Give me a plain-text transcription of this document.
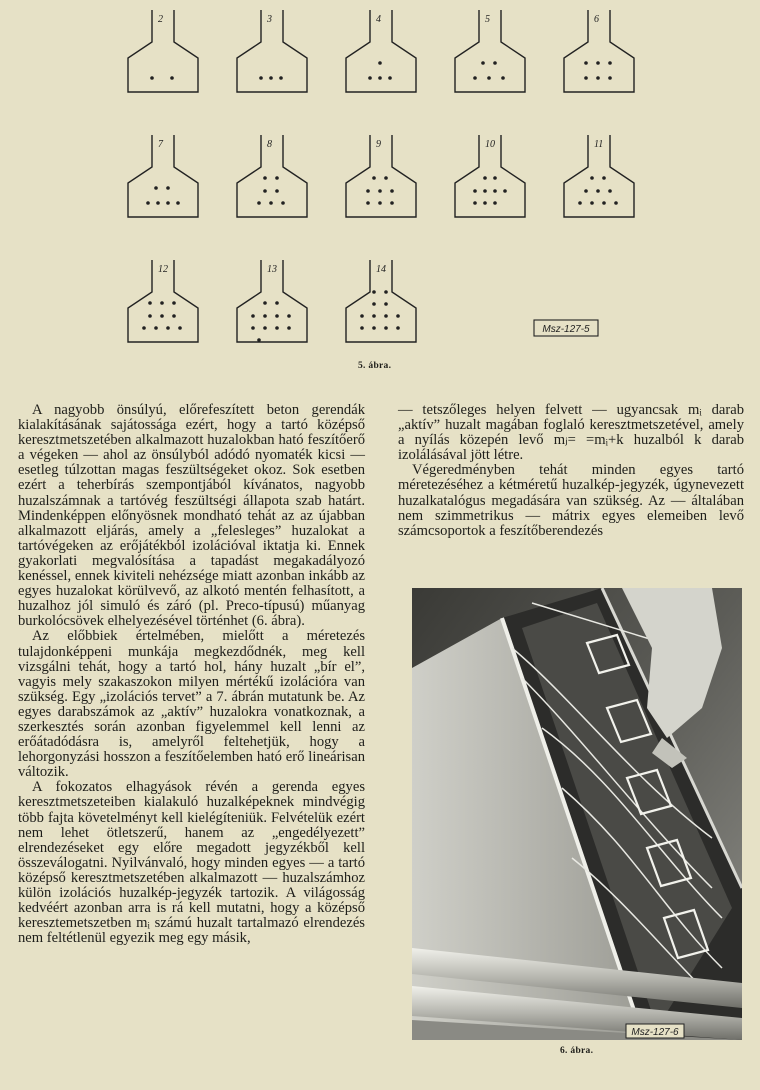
2	3	4	5	6
7	8	9	10	11
12	13	14
Msz-127-5
5. ábra.

A nagyobb önsúlyú, előrefeszített beton gerendák kialakításának sajátossága ezért, hogy a tartó középső keresztmetszetében alkalmazott huzalokban ható feszítőerő a végeken — ahol az önsúlyból adódó nyomaték kicsi — esetleg túlzottan magas feszültségeket okoz. Sok esetben ezért a teherbírás szempontjából kívánatos, nagyobb huzalszámnak a tartóvég feszültségi állapota szab határt. Mindenképpen előnyösnek mondható tehát az az újabban alkalmazott eljárás, amely a „felesleges” huzalokat a tartóvégeken az erőjátékból izolációval iktatja ki. Ennek gyakorlati megvalósítása a tapadást megakadályozó kenéssel, ennek kiviteli nehézsége miatt azonban inkább az egyes huzalokat körülvevő, az alkotó mentén felhasított, a huzalhoz jól simuló és záró (pl. Preco-típusú) műanyag burkolócsövek elhelyezésével történhet (6. ábra).

Az előbbiek értelmében, mielőtt a méretezés tulajdonképpeni munkája megkezdődnék, meg kell vizsgálni tehát, hogy a tartó hol, hány huzalt „bír el”, vagyis mely szakaszokon milyen mértékű izolációra van szükség. Egy „izolációs tervet” a 7. ábrán mutatunk be. Az egyes darabszámok az „aktív” huzalokra vonatkoznak, a szerkesztés során azonban figyelemmel kell lenni az erőátadódásra is, amelyről feltehetjük, hogy a lehorgonyzási hosszon a feszítőelemben ható erő lineárisan változik.

A fokozatos elhagyások révén a gerenda egyes keresztmetszeteiben kialakuló huzalképeknek mindvégig több fajta követelményt kell kielégíteniük. Felvételük ezért nem lehet ötletszerű, hanem az „engedélyezett” elrendezéseket egy előre megadott jegyzékből kell összeválogatni. Nyilvánvaló, hogy minden egyes — a tartó középső keresztmetszetében alkalmazott — huzalszámhoz külön izolációs huzalkép-jegyzék tartozik. A világosság kedvéért azonban arra is rá kell mutatni, hogy a középső keresztemetszetben mᵢ számú huzalt tartalmazó elrendezés nem feltétlenül egyezik meg egy másik,

— tetszőleges helyen felvett — ugyancsak mᵢ darab „aktív” huzalt magában foglaló keresztmetszetével, amely a nyílás közepén levő mⱼ= =mᵢ+k huzalból k darab izolálásával jött létre.

Végeredményben tehát minden egyes tartó méretezéséhez a kétméretű huzalkép-jegyzék, úgynevezett huzalkatalógus megadására van szükség. Az — általában nem szimmetrikus — mátrix egyes elemeiben levő számcsoportok a feszítőberendezés

Msz-127-6
6. ábra.
